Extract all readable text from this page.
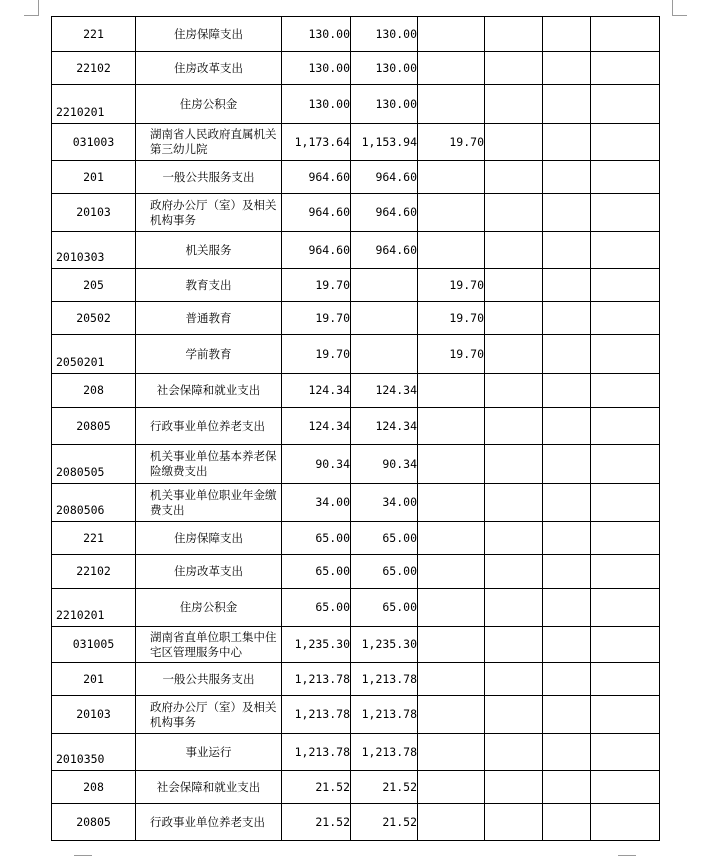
221	住房保障支出	130.00	130.00				
22102	住房改革支出	130.00	130.00				
2210201	住房公积金	130.00	130.00				
031003	湖南省人民政府直属机关第三幼儿院	1,173.64	1,153.94	19.70			
201	一般公共服务支出	964.60	964.60				
20103	政府办公厅（室）及相关机构事务	964.60	964.60				
2010303	机关服务	964.60	964.60				
205	教育支出	19.70		19.70			
20502	普通教育	19.70		19.70			
2050201	学前教育	19.70		19.70			
208	社会保障和就业支出	124.34	124.34				
20805	行政事业单位养老支出	124.34	124.34				
2080505	机关事业单位基本养老保险缴费支出	90.34	90.34				
2080506	机关事业单位职业年金缴费支出	34.00	34.00				
221	住房保障支出	65.00	65.00				
22102	住房改革支出	65.00	65.00				
2210201	住房公积金	65.00	65.00				
031005	湖南省直单位职工集中住宅区管理服务中心	1,235.30	1,235.30				
201	一般公共服务支出	1,213.78	1,213.78				
20103	政府办公厅（室）及相关机构事务	1,213.78	1,213.78				
2010350	事业运行	1,213.78	1,213.78				
208	社会保障和就业支出	21.52	21.52				
20805	行政事业单位养老支出	21.52	21.52				
